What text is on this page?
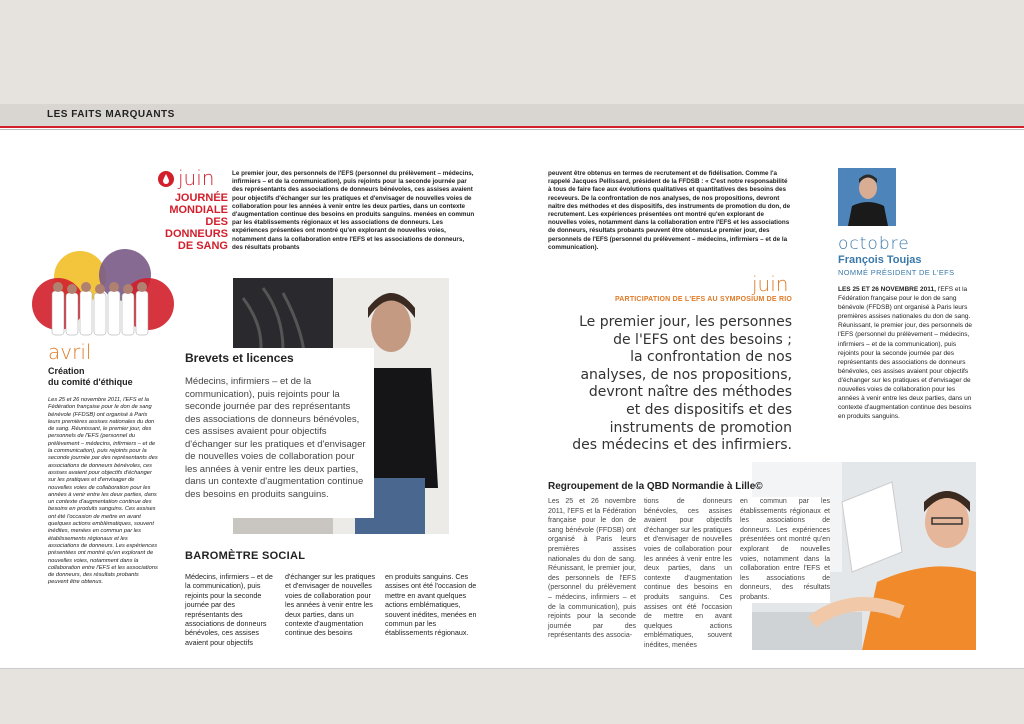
LES FAITS MARQUANTS
juin
JOURNÉE
MONDIALE
DES
DONNEURS
DE SANG
Le premier jour, des personnels de l'EFS (personnel du prélèvement – médecins, infirmiers – et de la communication), puis rejoints pour la seconde journée par des représentants des associations de donneurs bénévoles, ces assises avaient pour objectifs d'échanger sur les pratiques et d'envisager de nouvelles voies de collaboration pour les années à venir entre les deux parties, dans un contexte d'augmentation continue des besoins en produits sanguins. menées en commun par les établissements régionaux et les associations de donneurs. Les expériences présentées ont montré qu'en explorant de nouvelles voies, notamment dans la collaboration entre l'EFS et les associations de donneurs, des résultats probants
avril
Création
du comité d'éthique
Les 25 et 26 novembre 2011, l'EFS et la Fédération française pour le don de sang bénévole (FFDSB) ont organisé à Paris leurs premières assises nationales du don de sang. Réunissant, le premier jour, des personnels de l'EFS (personnel du prélèvement – médecins, infirmiers – et de la communication), puis rejoints pour la seconde journée par des représentants des associations de donneurs bénévoles, ces assises avaient pour objectifs d'échanger sur les pratiques et d'envisager de nouvelles voies de collaboration pour les années à venir entre les deux parties, dans un contexte d'augmentation continue des besoins en produits sanguins. Ces assises ont été l'occasion de mettre en avant quelques actions emblématiques, souvent inédites, menées en commun par les établissements régionaux et les associations de donneurs. Les expériences présentées ont montré qu'en explorant de nouvelles voies, notamment dans la collaboration entre l'EFS et les associations de donneurs, des résultats probants peuvent être obtenus.
Brevets et licences
Médecins, infirmiers – et de la communication), puis rejoints pour la seconde journée par des représentants des associations de donneurs bénévoles, ces assises avaient pour objectifs d'échanger sur les pratiques et d'envisager de nouvelles voies de collaboration pour les années à venir entre les deux parties, dans un contexte d'augmentation continue des besoins en produits sanguins.
BAROMÈTRE SOCIAL
Médecins, infirmiers – et de la communication), puis rejoints pour la seconde journée par des représentants des associations de donneurs bénévoles, ces assises avaient pour objectifs
d'échanger sur les pratiques et d'envisager de nouvelles voies de collaboration pour les années à venir entre les deux parties, dans un contexte d'augmentation continue des besoins
en produits sanguins. Ces assises ont été l'occasion de mettre en avant quelques actions emblématiques, souvent inédites, menées en commun par les établissements régionaux.
peuvent être obtenus en termes de recrutement et de fidélisation. Comme l'a rappelé Jacques Pellissard, président de la FFDSB : « C'est notre responsabilité à tous de faire face aux évolutions qualitatives et quantitatives des besoins des receveurs. De la confrontation de nos analyses, de nos propositions, devront naître des méthodes et des dispositifs, des instruments de promotion du don, de recrutement. Les expériences présentées ont montré qu'en explorant de nouvelles voies, notamment dans la collaboration entre l'EFS et les associations de donneurs, résultats probants peuvent être obtenusLe premier jour, des personnels de l'EFS (personnel du prélèvement – médecins, infirmiers – et de la communication).
juin
PARTICIPATION DE L'EFS AU SYMPOSIUM DE RIO
Le premier jour, les personnes
de l'EFS ont des besoins ;
la confrontation de nos
analyses, de nos propositions,
devront naître des méthodes
et des dispositifs et des
instruments de promotion
des médecins et des infirmiers.
octobre
François Toujas
NOMMÉ PRÉSIDENT DE L'EFS
LES 25 ET 26 NOVEMBRE 2011, l'EFS et la Fédération française pour le don de sang bénévole (FFDSB) ont organisé à Paris leurs premières assises nationales du don de sang. Réunissant, le premier jour, des personnels de l'EFS (personnel du prélèvement – médecins, infirmiers – et de la communication), puis rejoints pour la seconde journée par des représentants des associations de donneurs bénévoles, ces assises avaient pour objectifs d'échanger sur les pratiques et d'envisager de nouvelles voies de collaboration pour les années à venir entre les deux parties, dans un contexte d'augmentation continue des besoins en produits sanguins.
Regroupement de la QBD Normandie à Lille©
Les 25 et 26 novembre 2011, l'EFS et la Fédération française pour le don de sang bénévole (FFDSB) ont organisé à Paris leurs premières assises nationales du don de sang. Réunissant, le premier jour, des personnels de l'EFS (personnel du prélèvement – médecins, infirmiers – et de la communication), puis rejoints pour la seconde journée par des représentants des associa-
tions de donneurs bénévoles, ces assises avaient pour objectifs d'échanger sur les pratiques et d'envisager de nouvelles voies de collaboration pour les années à venir entre les deux parties, dans un contexte d'augmentation continue des besoins en produits sanguins. Ces assises ont été l'occasion de mettre en avant quelques actions emblématiques, souvent inédites, menées
en commun par les établissements régionaux et les associations de donneurs. Les expériences présentées ont montré qu'en explorant de nouvelles voies, notamment dans la collaboration entre l'EFS et les associations de donneurs, des résultats probants.
